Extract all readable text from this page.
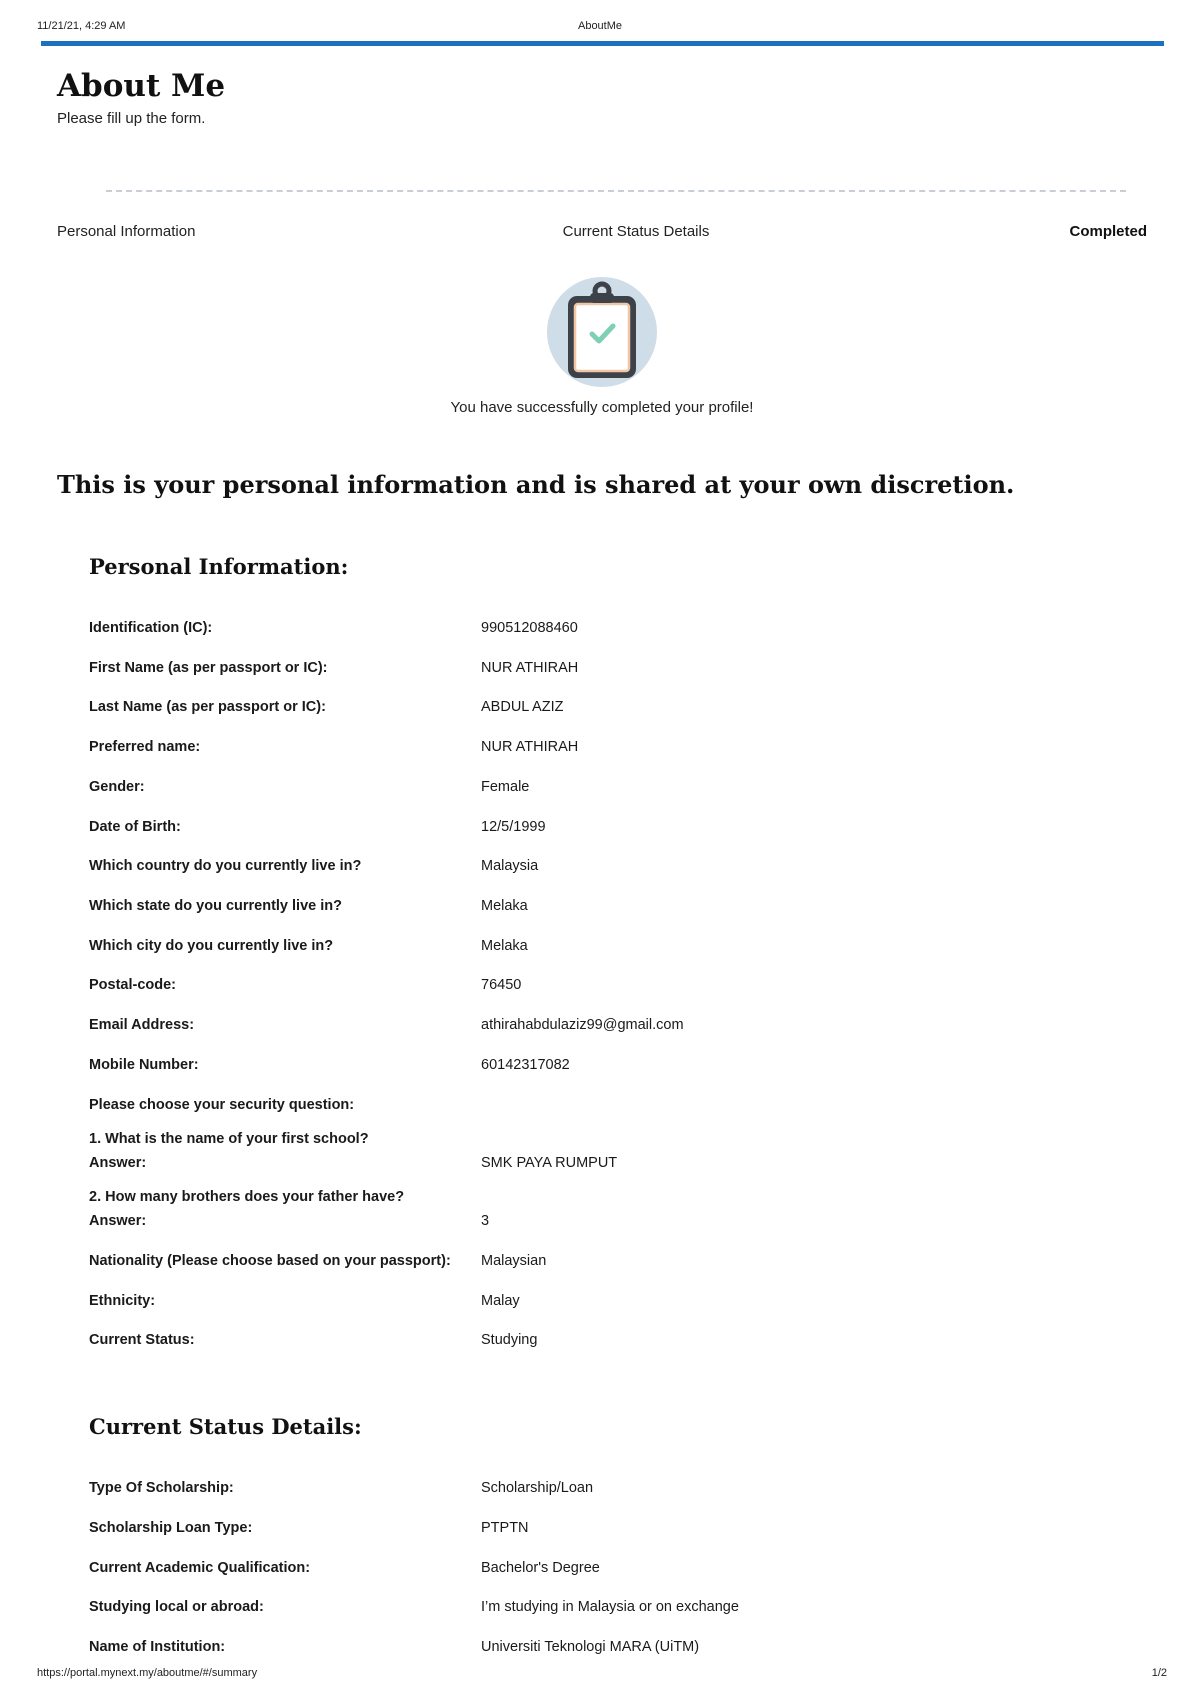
11/21/21, 4:29 AM	AboutMe
About Me
Please fill up the form.
Personal Information	Current Status Details	Completed
You have successfully completed your profile!
This is your personal information and is shared at your own discretion.
Personal Information:
Identification (IC):	990512088460
First Name (as per passport or IC):	NUR ATHIRAH
Last Name (as per passport or IC):	ABDUL AZIZ
Preferred name:	NUR ATHIRAH
Gender:	Female
Date of Birth:	12/5/1999
Which country do you currently live in?	Malaysia
Which state do you currently live in?	Melaka
Which city do you currently live in?	Melaka
Postal-code:	76450
Email Address:	athirahabdulaziz99@gmail.com
Mobile Number:	60142317082
Please choose your security question:
1. What is the name of your first school?
Answer:	SMK PAYA RUMPUT
2. How many brothers does your father have?
Answer:	3
Nationality (Please choose based on your passport): Malaysian
Ethnicity:	Malay
Current Status:	Studying
Current Status Details:
Type Of Scholarship:	Scholarship/Loan
Scholarship Loan Type:	PTPTN
Current Academic Qualification:	Bachelor's Degree
Studying local or abroad:	I’m studying in Malaysia or on exchange
Name of Institution:	Universiti Teknologi MARA (UiTM)
https://portal.mynext.my/aboutme/#/summary	1/2
